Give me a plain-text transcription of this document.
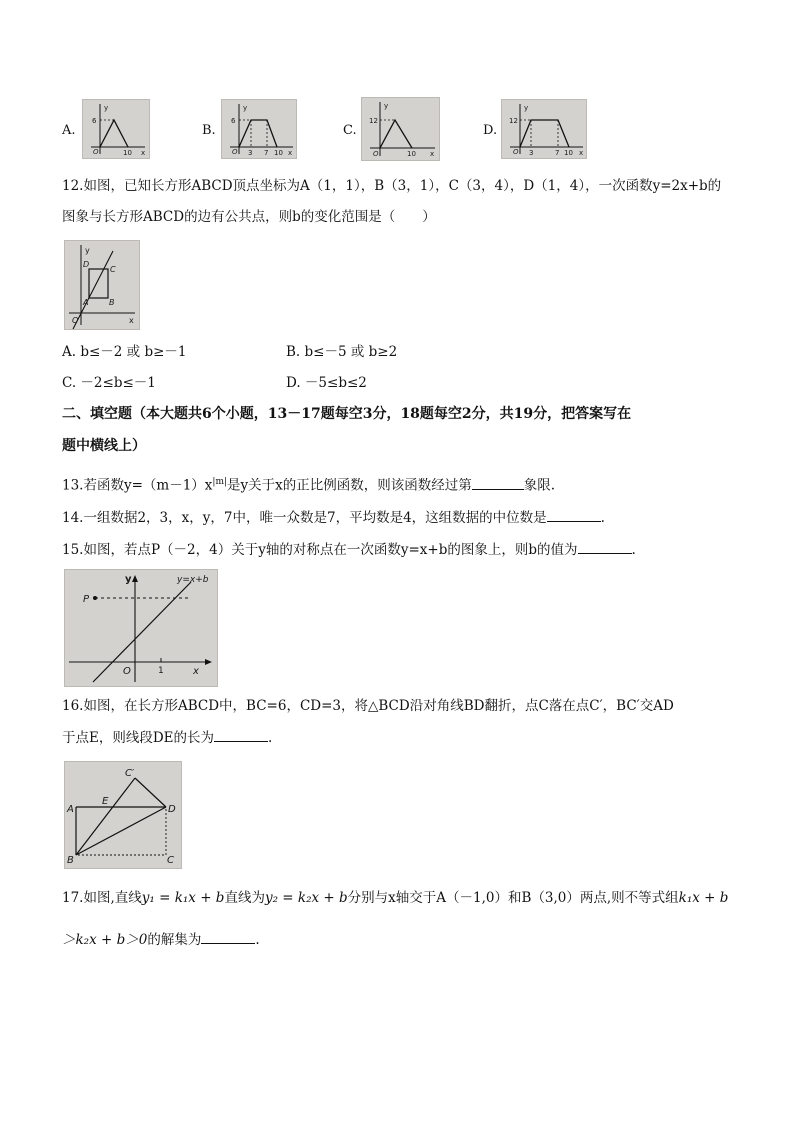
A.
y
6
O	10 x
B.
y
6
O 3 7 10 x
C.
y
12
O	10 x
D.
y
12
O 3	7 10 x
12.如图，已知长方形ABCD顶点坐标为A（1，1），B（3，1），C（3，4），D（1，4），一次函数y=2x+b的
图象与长方形ABCD的边有公共点，则b的变化范围是（　　）
y
x
O
A	B
C
D
A. b≤－2 或 b≥－1	B. b≤－5 或 b≥2
C. －2≤b≤－1	D. －5≤b≤2
二、填空题（本大题共6个小题，13－17题每空3分，18题每空2分，共19分，把答案写在
题中横线上）
13.若函数$y=(m-1)x^{|m|}$是y关于x的正比例函数，则该函数经过第	象限.
14.一组数据2，3，x，y，7中，唯一众数是7，平均数是4，这组数据的中位数是	.
15.如图，若点P（－2，4）关于y轴的对称点在一次函数y=x+b的图象上，则b的值为	.
y
x
O	1
P
y=x+b
16.如图，在长方形ABCD中，BC=6，CD=3，将△BCD沿对角线BD翻折，点C落在点C′，BC′交AD
于点E，则线段DE的长为	.
C′
A
E
D
B	C
17.如图,直线y₁ = k₁x + b直线为y₂ = k₂x + b分别与x轴交于A（－1,0）和B（3,0）两点,则不等式组k₁x + b
＞k₂x + b＞0的解集为	.
